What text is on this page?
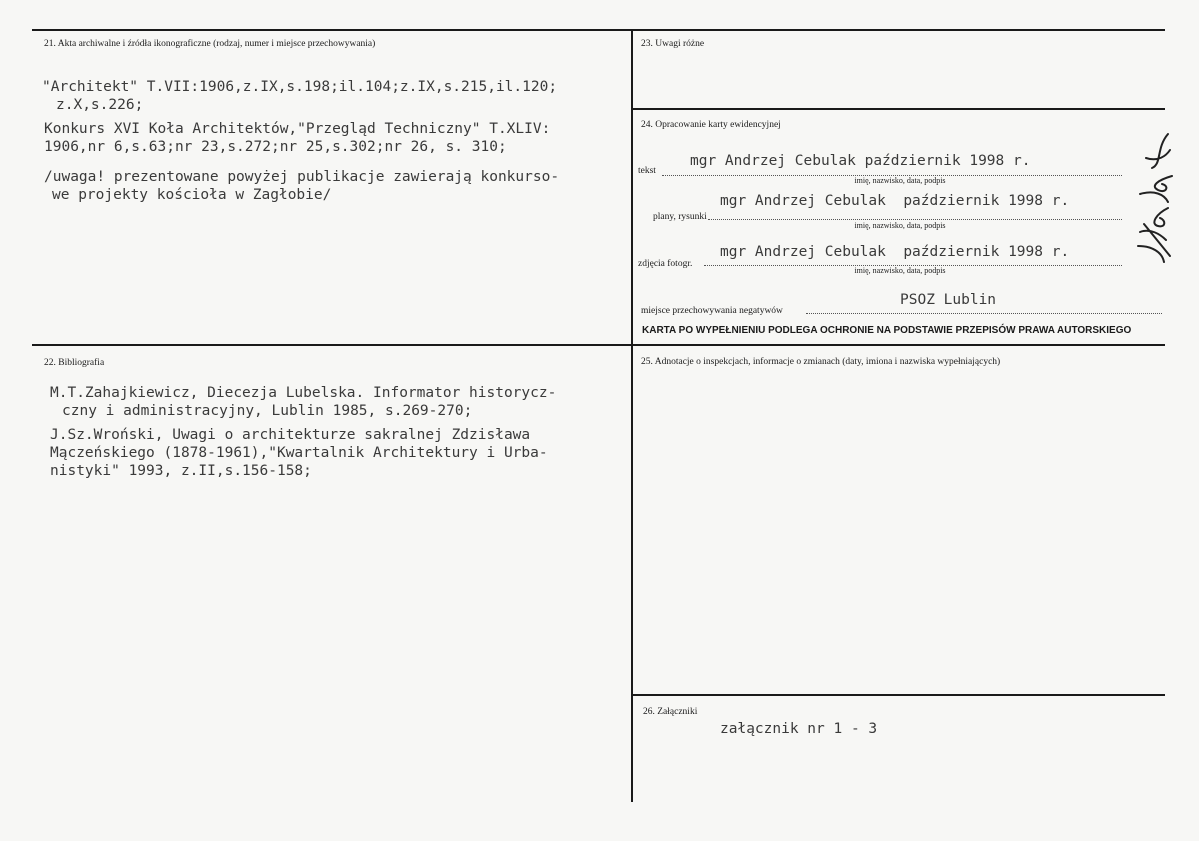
21. Akta archiwalne i źródła ikonograficzne (rodzaj, numer i miejsce przechowywania)
"Architekt" T.VII:1906,z.IX,s.198;il.104;z.IX,s.215,il.120;
z.X,s.226;
Konkurs XVI Koła Architektów,"Przegląd Techniczny" T.XLIV:
1906,nr 6,s.63;nr 23,s.272;nr 25,s.302;nr 26, s. 310;
/uwaga! prezentowane powyżej publikacje zawierają konkurso-
we projekty kościoła w Zagłobie/
23. Uwagi różne
24. Opracowanie karty ewidencyjnej
tekst
mgr Andrzej Cebulak październik 1998 r.
imię, nazwisko, data, podpis
plany, rysunki
mgr Andrzej Cebulak  październik 1998 r.
imię, nazwisko, data, podpis
zdjęcia fotogr.
mgr Andrzej Cebulak  październik 1998 r.
imię, nazwisko, data, podpis
miejsce przechowywania negatywów
PSOZ Lublin
KARTA PO WYPEŁNIENIU PODLEGA OCHRONIE NA PODSTAWIE PRZEPISÓW PRAWA AUTORSKIEGO
22. Bibliografia
M.T.Zahajkiewicz, Diecezja Lubelska. Informator historycz-
czny i administracyjny, Lublin 1985, s.269-270;
J.Sz.Wroński, Uwagi o architekturze sakralnej Zdzisława
Mączeńskiego (1878-1961),"Kwartalnik Architektury i Urba-
nistyki" 1993, z.II,s.156-158;
25. Adnotacje o inspekcjach, informacje o zmianach (daty, imiona i nazwiska wypełniających)
26. Załączniki
załącznik nr 1 - 3
